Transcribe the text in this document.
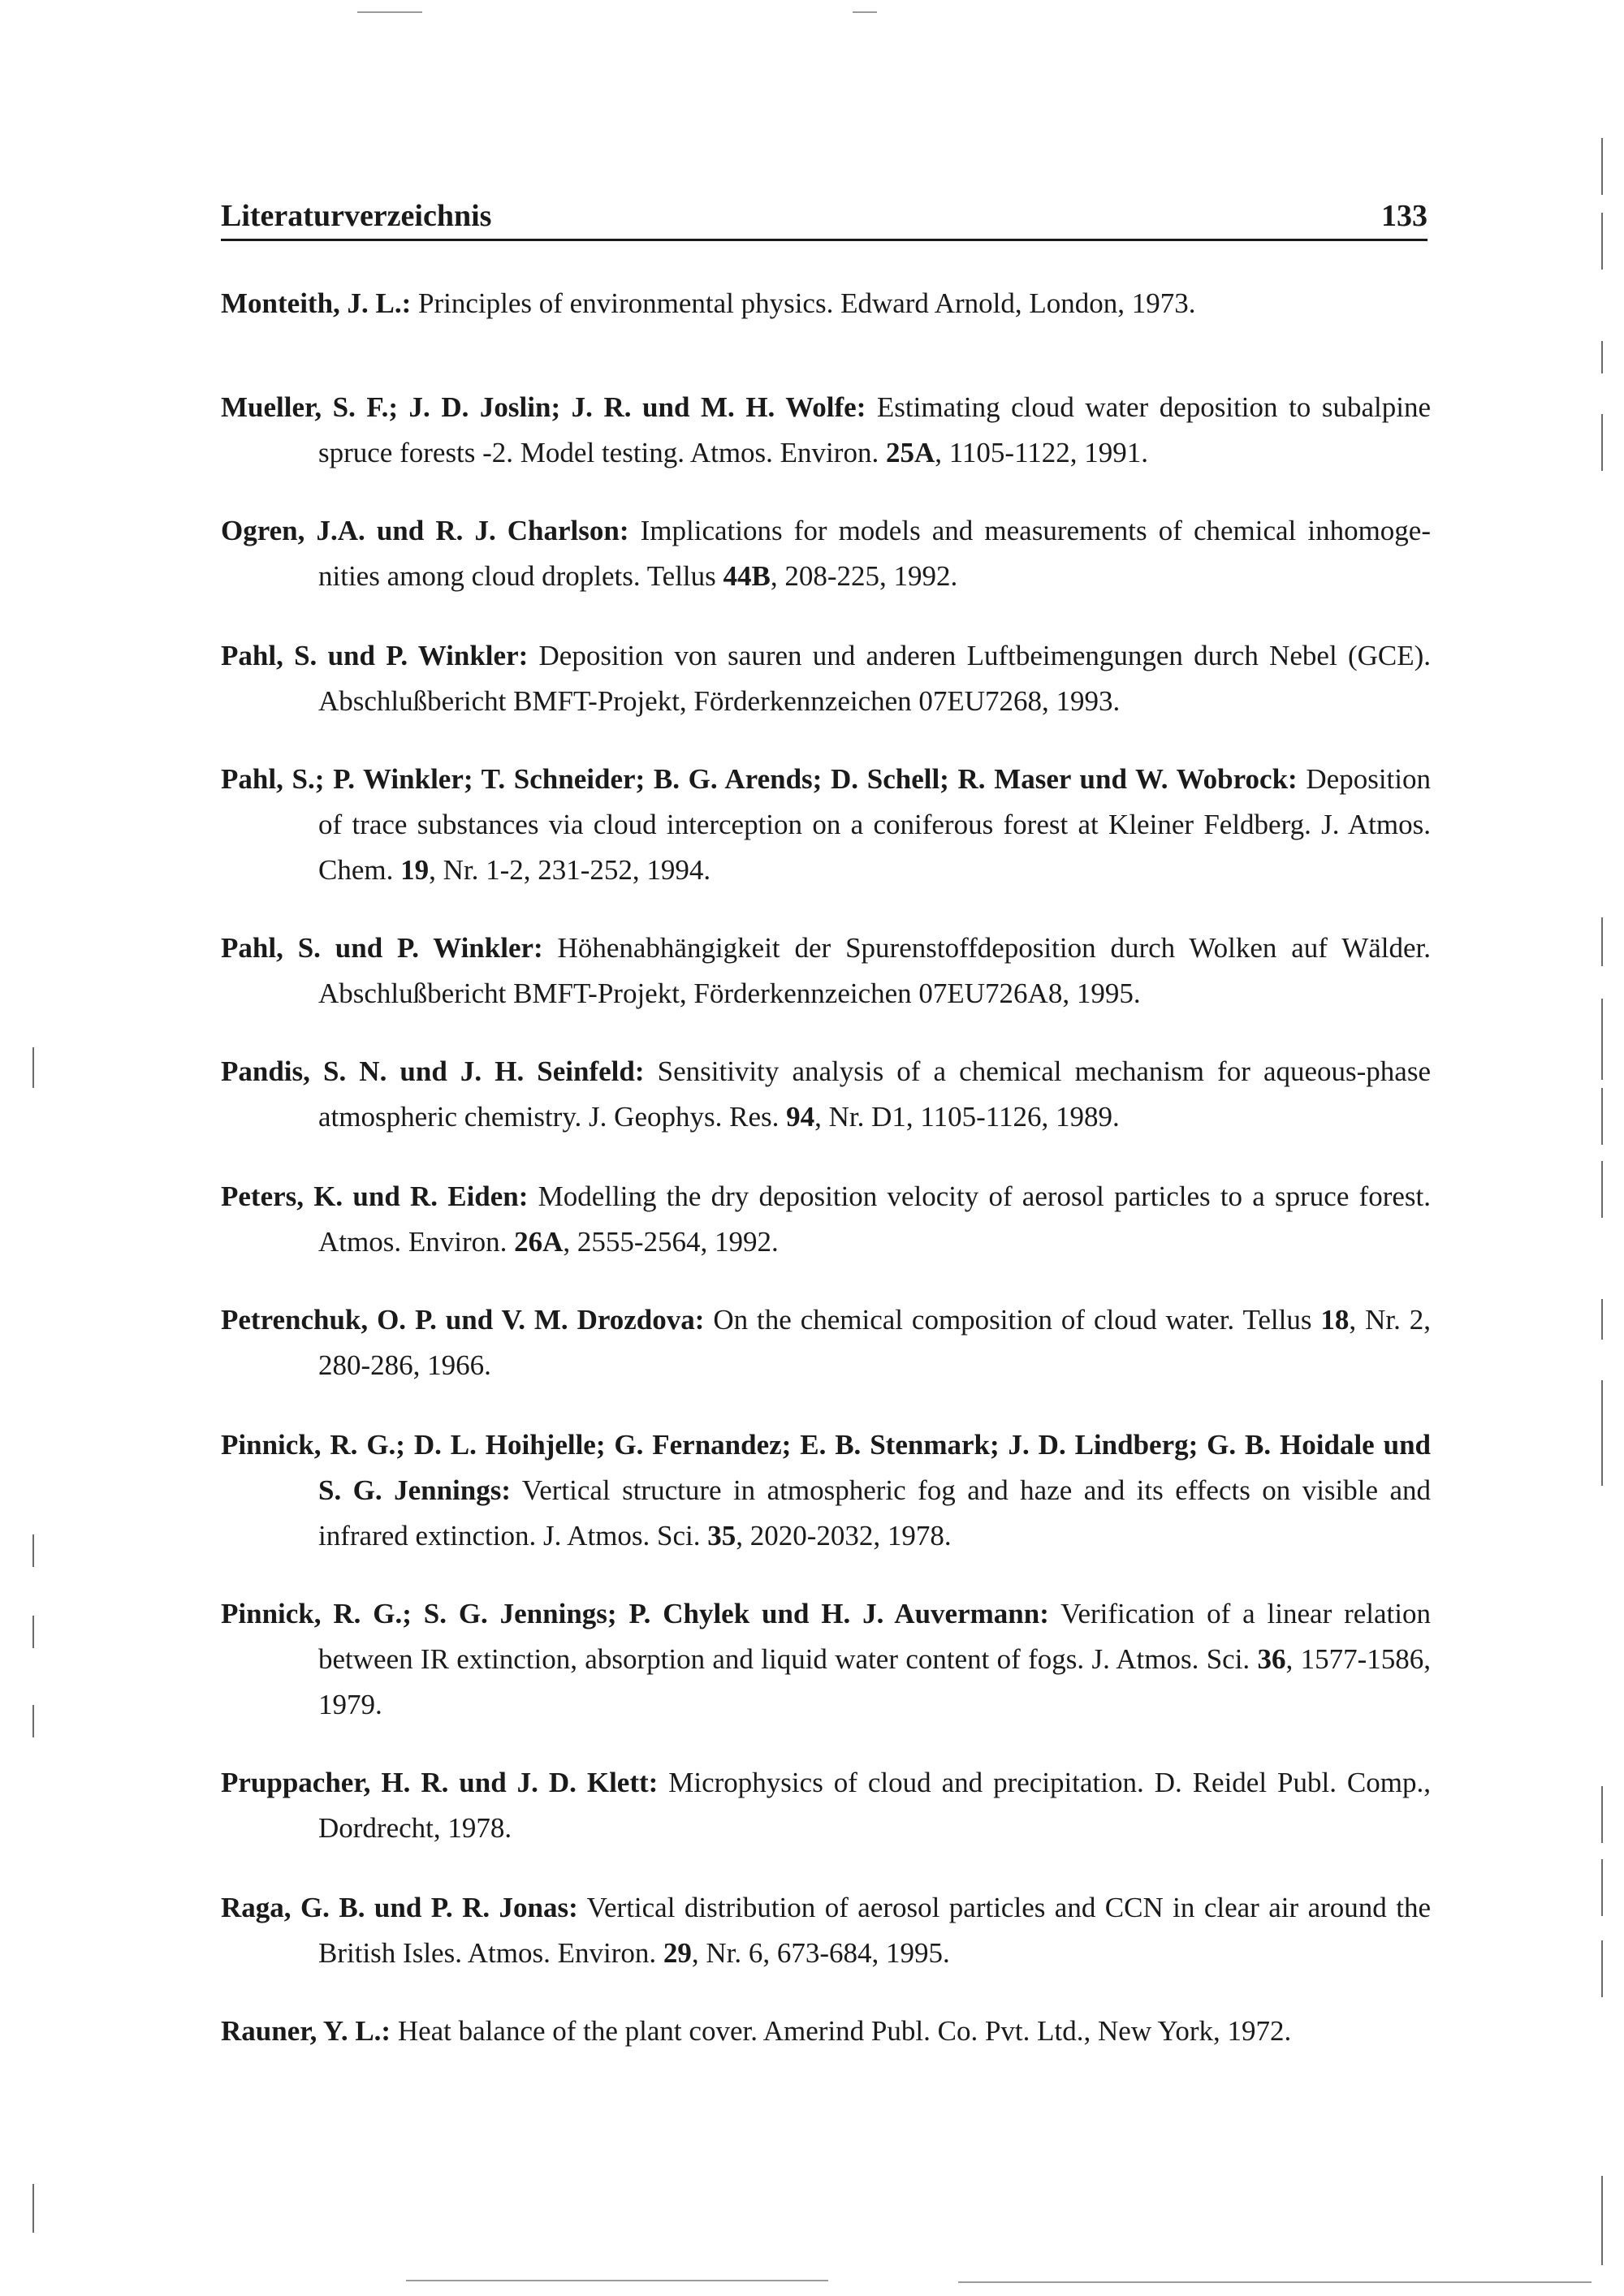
Literaturverzeichnis	133

Monteith, J. L.: Principles of environmental physics. Edward Arnold, London, 1973.

Mueller, S. F.; J. D. Joslin; J. R. und M. H. Wolfe: Estimating cloud water deposition to subalpine spruce forests -2. Model testing. Atmos. Environ. 25A, 1105-1122, 1991.

Ogren, J.A. und R. J. Charlson: Implications for models and measurements of chemical inhomoge-nities among cloud droplets. Tellus 44B, 208-225, 1992.

Pahl, S. und P. Winkler: Deposition von sauren und anderen Luftbeimengungen durch Nebel (GCE). Abschlußbericht BMFT-Projekt, Förderkennzeichen 07EU7268, 1993.

Pahl, S.; P. Winkler; T. Schneider; B. G. Arends; D. Schell; R. Maser und W. Wobrock: Deposition of trace substances via cloud interception on a coniferous forest at Kleiner Feldberg. J. Atmos. Chem. 19, Nr. 1-2, 231-252, 1994.

Pahl, S. und P. Winkler: Höhenabhängigkeit der Spurenstoffdeposition durch Wolken auf Wälder. Abschlußbericht BMFT-Projekt, Förderkennzeichen 07EU726A8, 1995.

Pandis, S. N. und J. H. Seinfeld: Sensitivity analysis of a chemical mechanism for aqueous-phase atmospheric chemistry. J. Geophys. Res. 94, Nr. D1, 1105-1126, 1989.

Peters, K. und R. Eiden: Modelling the dry deposition velocity of aerosol particles to a spruce forest. Atmos. Environ. 26A, 2555-2564, 1992.

Petrenchuk, O. P. und V. M. Drozdova: On the chemical composition of cloud water. Tellus 18, Nr. 2, 280-286, 1966.

Pinnick, R. G.; D. L. Hoihjelle; G. Fernandez; E. B. Stenmark; J. D. Lindberg; G. B. Hoidale und S. G. Jennings: Vertical structure in atmospheric fog and haze and its effects on visible and infrared extinction. J. Atmos. Sci. 35, 2020-2032, 1978.

Pinnick, R. G.; S. G. Jennings; P. Chylek und H. J. Auvermann: Verification of a linear relation between IR extinction, absorption and liquid water content of fogs. J. Atmos. Sci. 36, 1577-1586, 1979.

Pruppacher, H. R. und J. D. Klett: Microphysics of cloud and precipitation. D. Reidel Publ. Comp., Dordrecht, 1978.

Raga, G. B. und P. R. Jonas: Vertical distribution of aerosol particles and CCN in clear air around the British Isles. Atmos. Environ. 29, Nr. 6, 673-684, 1995.

Rauner, Y. L.: Heat balance of the plant cover. Amerind Publ. Co. Pvt. Ltd., New York, 1972.
